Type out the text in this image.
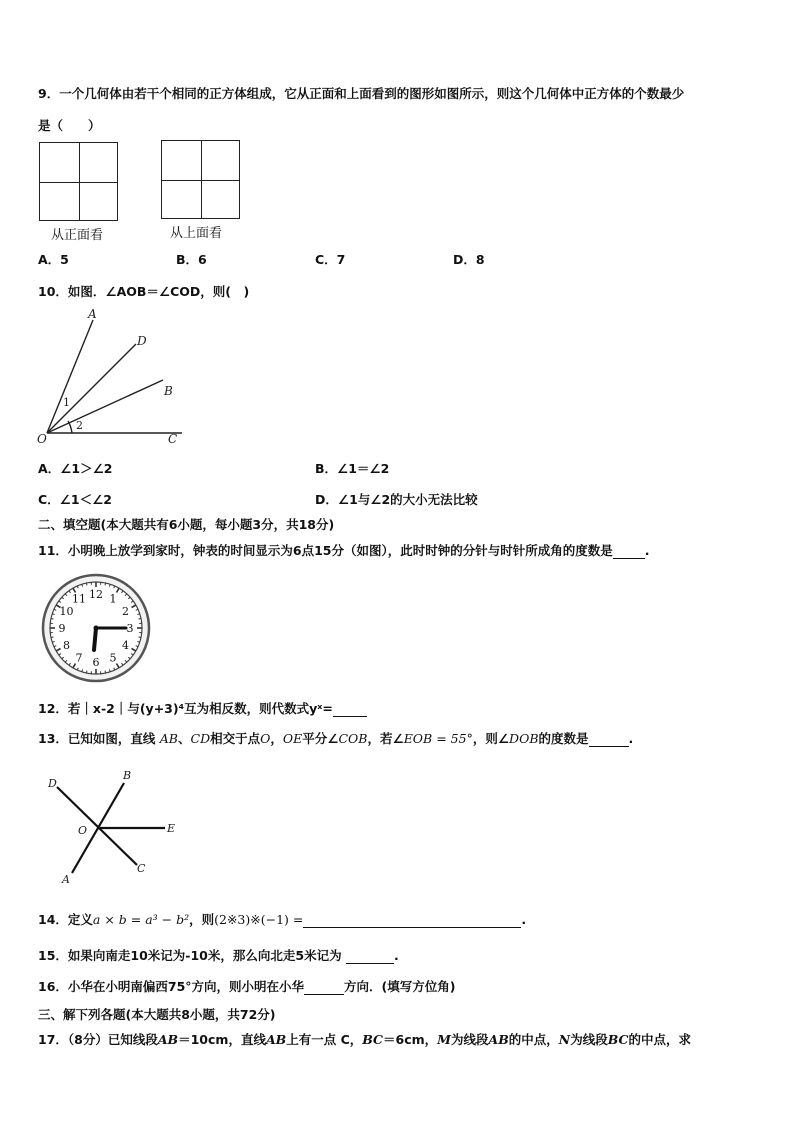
9．一个几何体由若干个相同的正方体组成，它从正面和上面看到的图形如图所示，则这个几何体中正方体的个数最少
是（　　）
从正面看	从上面看
A．5	B．6	C．7	D．8
10．如图．∠AOB＝∠COD，则(　)
A
D
B
O	C
1
2
A．∠1＞∠2	B．∠1＝∠2
C．∠1＜∠2	D．∠1与∠2的大小无法比较
二、填空题(本大题共有6小题，每小题3分，共18分)
11．小明晚上放学到家时，钟表的时间显示为6点15分（如图），此时时钟的分针与时针所成角的度数是	.
12 1
2
3
4
5
6
7
8
9
10
11
12．若｜x-2｜与(y+3)⁴互为相反数，则代数式yˣ=
13．已知如图，直线 AB、CD相交于点O，OE平分∠COB，若∠EOB = 55°，则∠DOB的度数是	.
D
B
O	E
A
C
14．定义a × b = a³ − b²，则(2※3)※(−1) =	.
15．如果向南走10米记为-10米，那么向北走5米记为	.
16．小华在小明南偏西75°方向，则小明在小华	方向．(填写方位角)
三、解下列各题(本大题共8小题，共72分)
17．（8分）已知线段AB＝10cm，直线AB上有一点 C，BC＝6cm，M为线段AB的中点，N为线段BC的中点，求
